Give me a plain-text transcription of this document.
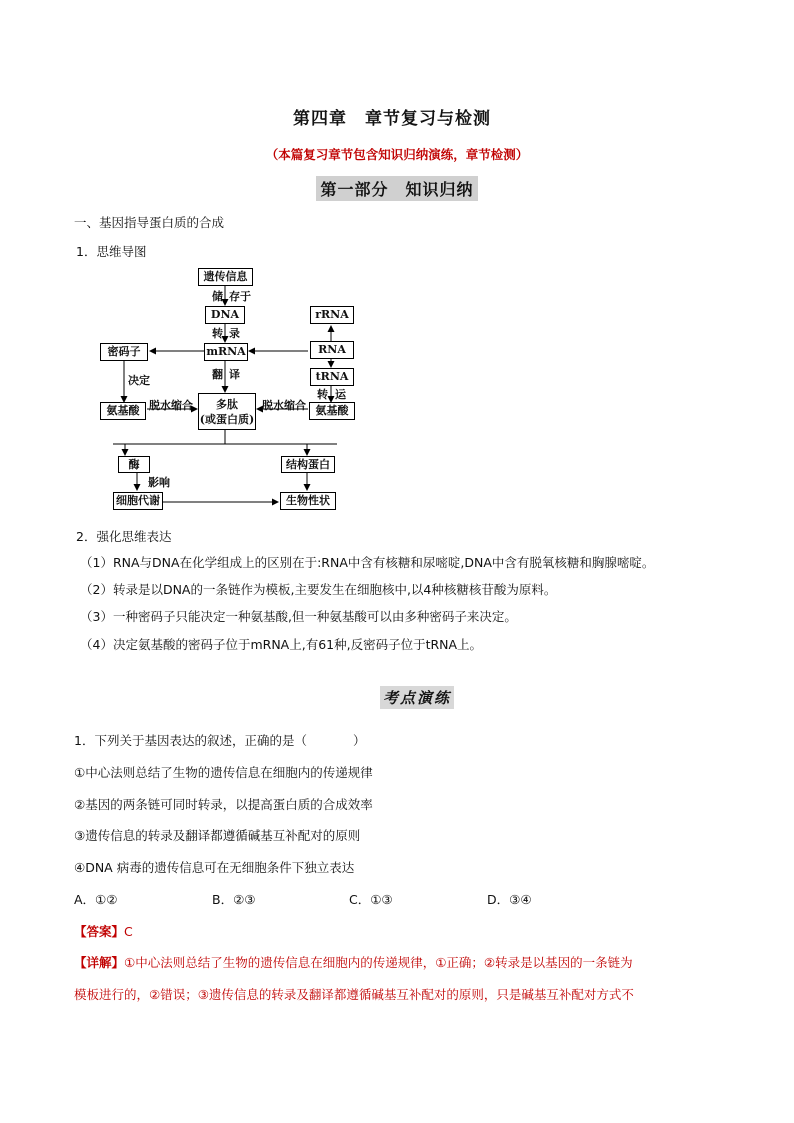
第四章　章节复习与检测
（本篇复习章节包含知识归纳演练，章节检测）
第一部分　知识归纳
一、基因指导蛋白质的合成
1．思维导图
遗传信息
DNA
mRNA
rRNA
RNA
tRNA
密码子
氨基酸	多肽
(或蛋白质)
氨基酸
酶	结构蛋白
细胞代谢	生物性状
储 存于
转 录
翻 译
决定
脱水缩合	脱水缩合
转 运
影响
2．强化思维表达
（1）RNA与DNA在化学组成上的区别在于:RNA中含有核糖和尿嘧啶,DNA中含有脱氧核糖和胸腺嘧啶。
（2）转录是以DNA的一条链作为模板,主要发生在细胞核中,以4种核糖核苷酸为原料。
（3）一种密码子只能决定一种氨基酸,但一种氨基酸可以由多种密码子来决定。
（4）决定氨基酸的密码子位于mRNA上,有61种,反密码子位于tRNA上。
考点演练
1．下列关于基因表达的叙述，正确的是（	）
①中心法则总结了生物的遗传信息在细胞内的传递规律
②基因的两条链可同时转录，以提高蛋白质的合成效率
③遗传信息的转录及翻译都遵循碱基互补配对的原则
④DNA 病毒的遗传信息可在无细胞条件下独立表达
A．①②	B．②③	C．①③	D．③④
【答案】C
【详解】①中心法则总结了生物的遗传信息在细胞内的传递规律，①正确；②转录是以基因的一条链为
模板进行的，②错误；③遗传信息的转录及翻译都遵循碱基互补配对的原则，只是碱基互补配对方式不
